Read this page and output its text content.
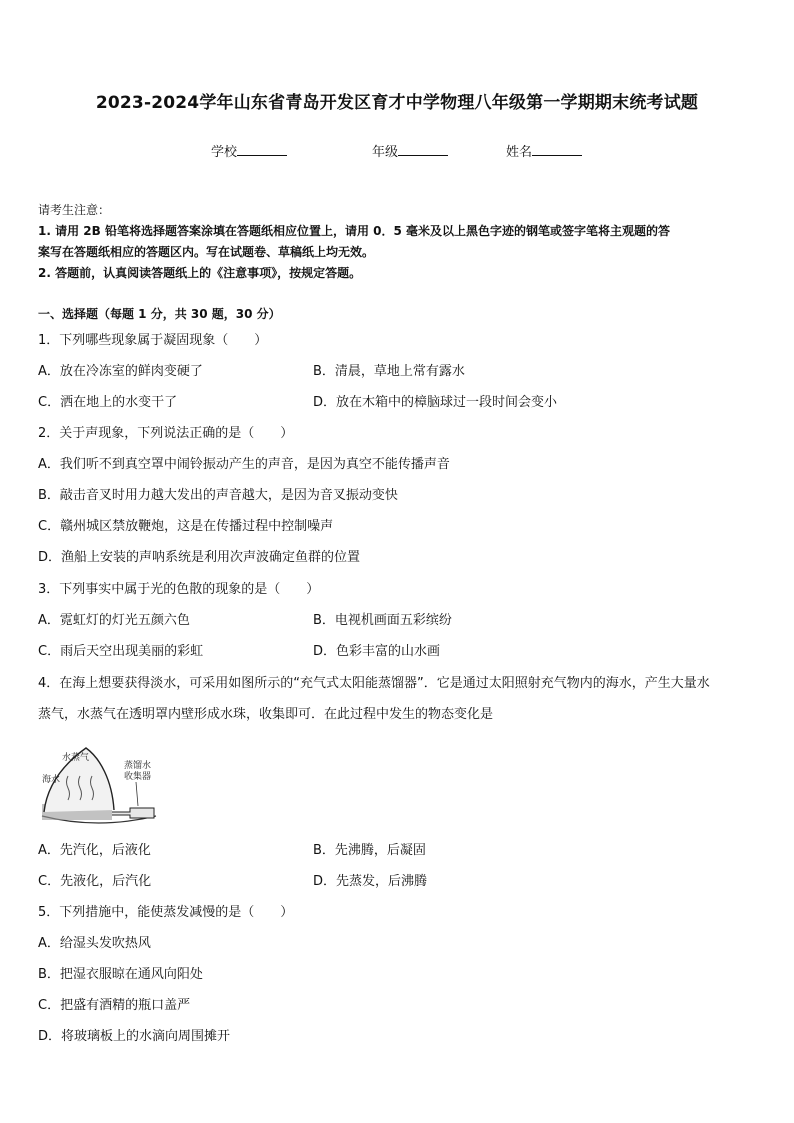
2023-2024学年山东省青岛开发区育才中学物理八年级第一学期期末统考试题
学校	年级	姓名
请考生注意：
1. 请用 2B 铅笔将选择题答案涂填在答题纸相应位置上，请用 0．5 毫米及以上黑色字迹的钢笔或签字笔将主观题的答
案写在答题纸相应的答题区内。写在试题卷、草稿纸上均无效。
2. 答题前，认真阅读答题纸上的《注意事项》，按规定答题。
一、选择题（每题 1 分，共 30 题，30 分）
1．下列哪些现象属于凝固现象（　　）
A．放在冷冻室的鲜肉变硬了	B．清晨，草地上常有露水
C．洒在地上的水变干了	D．放在木箱中的樟脑球过一段时间会变小
2．关于声现象，下列说法正确的是（　　）
A．我们听不到真空罩中闹铃振动产生的声音，是因为真空不能传播声音
B．敲击音叉时用力越大发出的声音越大，是因为音叉振动变快
C．赣州城区禁放鞭炮，这是在传播过程中控制噪声
D．渔船上安装的声呐系统是利用次声波确定鱼群的位置
3．下列事实中属于光的色散的现象的是（　　）
A．霓虹灯的灯光五颜六色	B．电视机画面五彩缤纷
C．雨后天空出现美丽的彩虹	D．色彩丰富的山水画
4．在海上想要获得淡水，可采用如图所示的“充气式太阳能蒸馏器”．它是通过太阳照射充气物内的海水，产生大量水
蒸气，水蒸气在透明罩内壁形成水珠，收集即可．在此过程中发生的物态变化是
水蒸气
海水
蒸馏水
收集器
A．先汽化，后液化	B．先沸腾，后凝固
C．先液化，后汽化	D．先蒸发，后沸腾
5．下列措施中，能使蒸发减慢的是（　　）
A．给湿头发吹热风
B．把湿衣服晾在通风向阳处
C．把盛有酒精的瓶口盖严
D．将玻璃板上的水滴向周围摊开
